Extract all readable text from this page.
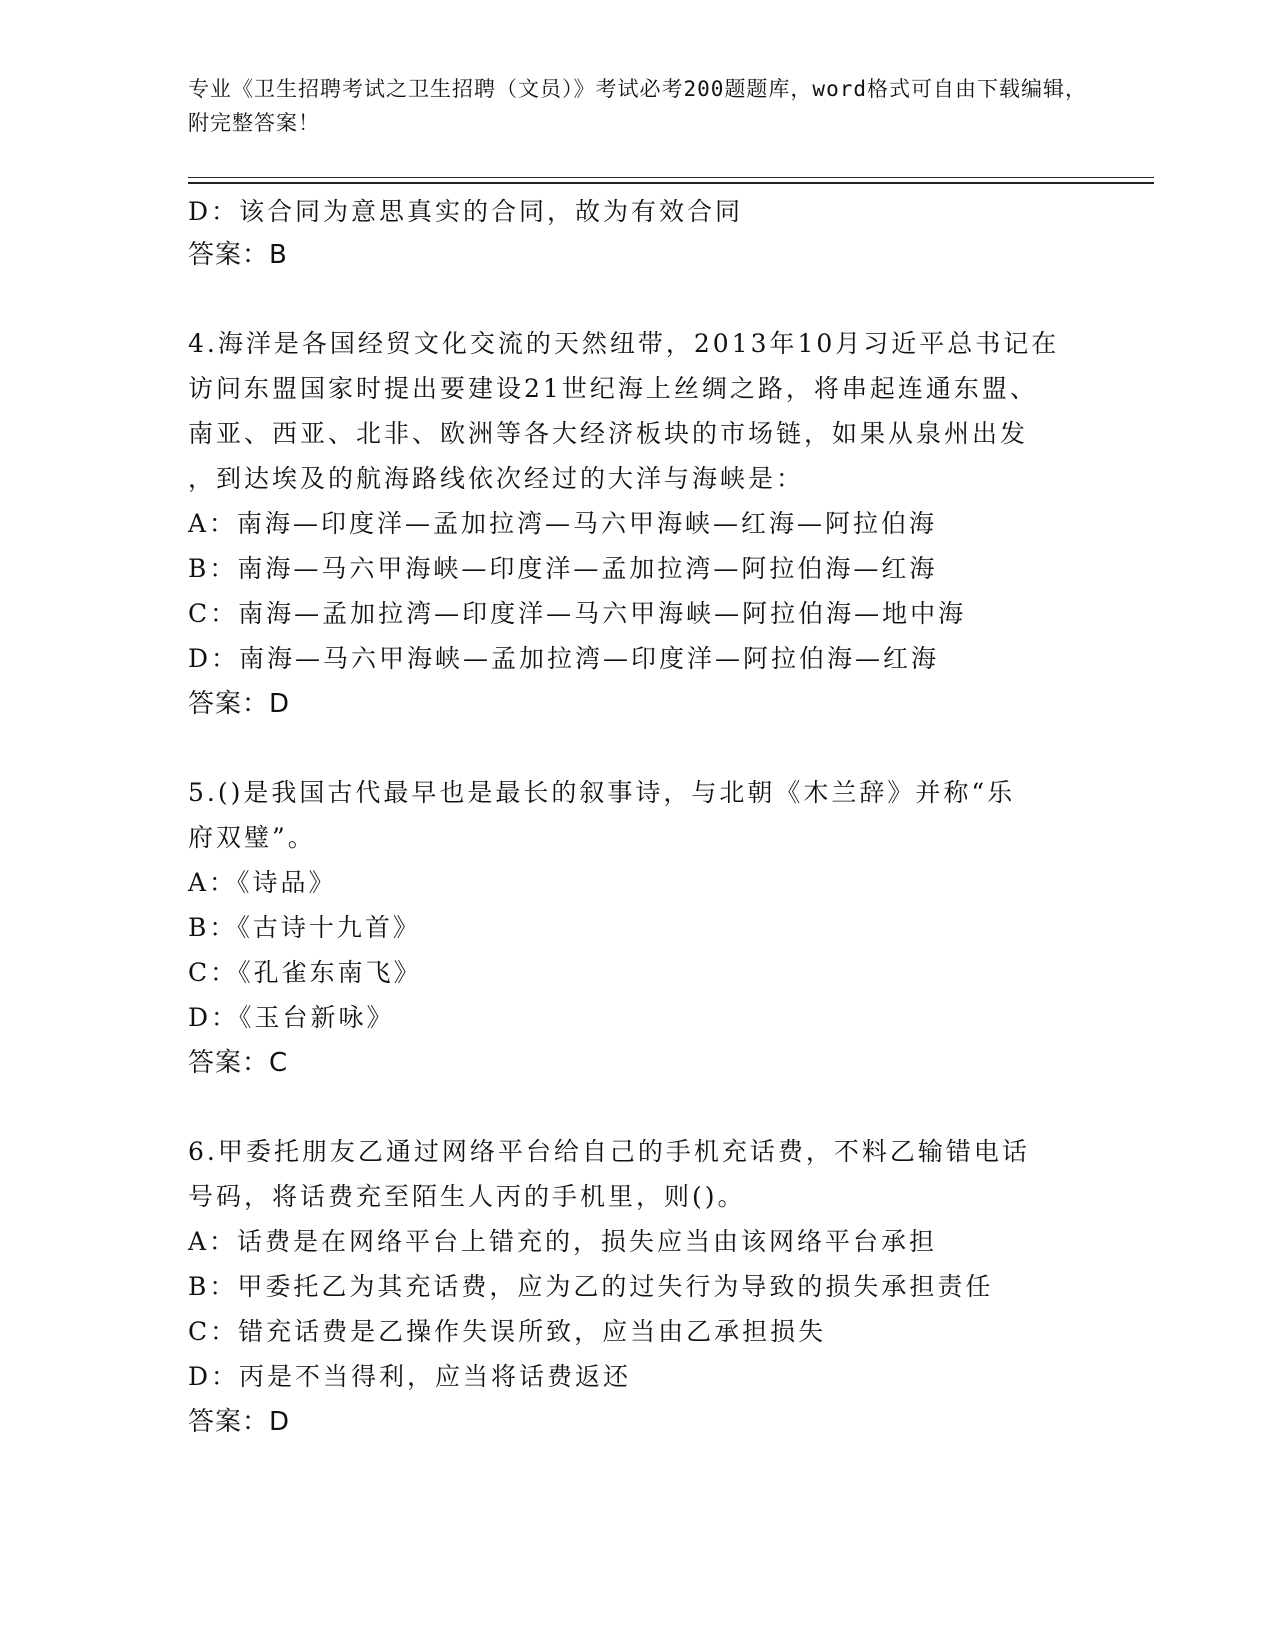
专业《卫生招聘考试之卫生招聘（文员）》考试必考200题题库，word格式可自由下载编辑，附完整答案！
D：该合同为意思真实的合同，故为有效合同
答案：B
4.海洋是各国经贸文化交流的天然纽带，2013年10月习近平总书记在
访问东盟国家时提出要建设21世纪海上丝绸之路，将串起连通东盟、
南亚、西亚、北非、欧洲等各大经济板块的市场链，如果从泉州出发
，到达埃及的航海路线依次经过的大洋与海峡是：
A：南海—印度洋—孟加拉湾—马六甲海峡—红海—阿拉伯海
B：南海—马六甲海峡—印度洋—孟加拉湾—阿拉伯海—红海
C：南海—孟加拉湾—印度洋—马六甲海峡—阿拉伯海—地中海
D：南海—马六甲海峡—孟加拉湾—印度洋—阿拉伯海—红海
答案：D
5.()是我国古代最早也是最长的叙事诗，与北朝《木兰辞》并称“乐
府双璧”。
A：《诗品》
B：《古诗十九首》
C：《孔雀东南飞》
D：《玉台新咏》
答案：C
6.甲委托朋友乙通过网络平台给自己的手机充话费，不料乙输错电话
号码，将话费充至陌生人丙的手机里，则()。
A：话费是在网络平台上错充的，损失应当由该网络平台承担
B：甲委托乙为其充话费，应为乙的过失行为导致的损失承担责任
C：错充话费是乙操作失误所致，应当由乙承担损失
D：丙是不当得利，应当将话费返还
答案：D
